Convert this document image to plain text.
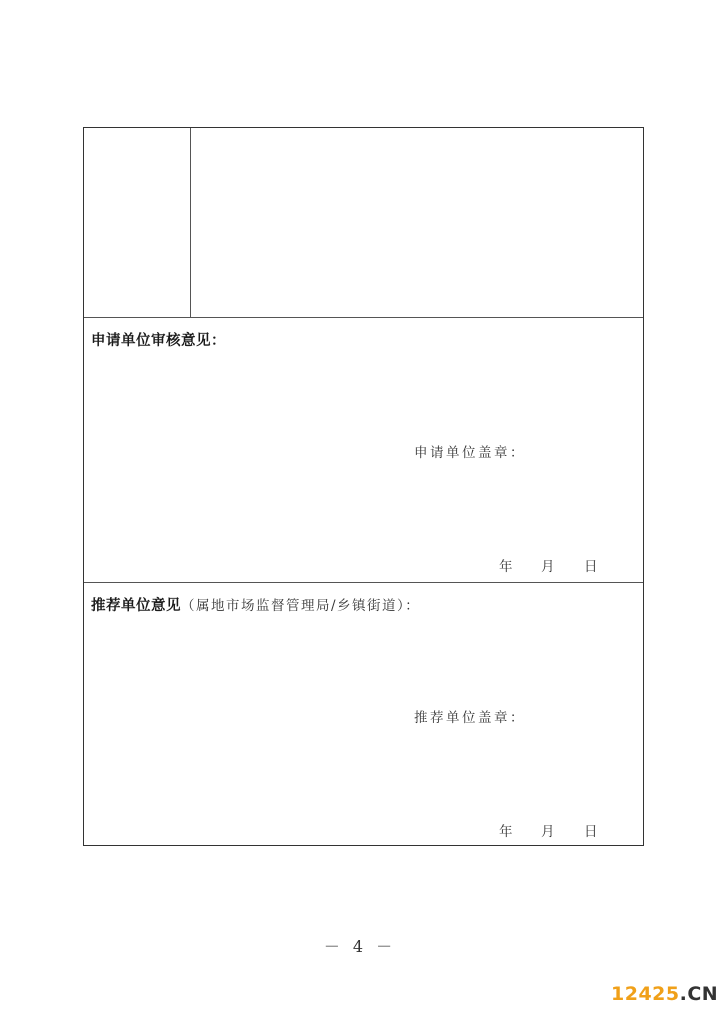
申请单位审核意见：
申请单位盖章：
年 月 日
推荐单位意见（属地市场监督管理局/乡镇街道）：
推荐单位盖章：
年 月 日
－ 4 －
12425.CN
